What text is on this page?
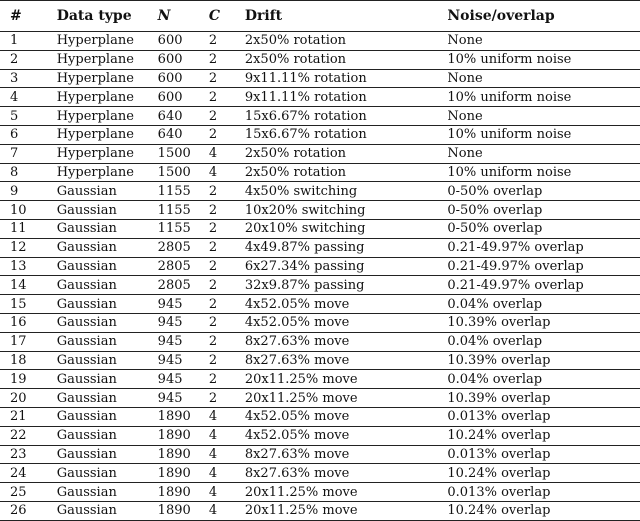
#	Data type	N	C	Drift	Noise/overlap
1	Hyperplane	600	2	2x50% rotation	None
2	Hyperplane	600	2	2x50% rotation	10% uniform noise
3	Hyperplane	600	2	9x11.11% rotation	None
4	Hyperplane	600	2	9x11.11% rotation	10% uniform noise
5	Hyperplane	640	2	15x6.67% rotation	None
6	Hyperplane	640	2	15x6.67% rotation	10% uniform noise
7	Hyperplane	1500	4	2x50% rotation	None
8	Hyperplane	1500	4	2x50% rotation	10% uniform noise
9	Gaussian	1155	2	4x50% switching	0-50% overlap
10	Gaussian	1155	2	10x20% switching	0-50% overlap
11	Gaussian	1155	2	20x10% switching	0-50% overlap
12	Gaussian	2805	2	4x49.87% passing	0.21-49.97% overlap
13	Gaussian	2805	2	6x27.34% passing	0.21-49.97% overlap
14	Gaussian	2805	2	32x9.87% passing	0.21-49.97% overlap
15	Gaussian	945	2	4x52.05% move	0.04% overlap
16	Gaussian	945	2	4x52.05% move	10.39% overlap
17	Gaussian	945	2	8x27.63% move	0.04% overlap
18	Gaussian	945	2	8x27.63% move	10.39% overlap
19	Gaussian	945	2	20x11.25% move	0.04% overlap
20	Gaussian	945	2	20x11.25% move	10.39% overlap
21	Gaussian	1890	4	4x52.05% move	0.013% overlap
22	Gaussian	1890	4	4x52.05% move	10.24% overlap
23	Gaussian	1890	4	8x27.63% move	0.013% overlap
24	Gaussian	1890	4	8x27.63% move	10.24% overlap
25	Gaussian	1890	4	20x11.25% move	0.013% overlap
26	Gaussian	1890	4	20x11.25% move	10.24% overlap
